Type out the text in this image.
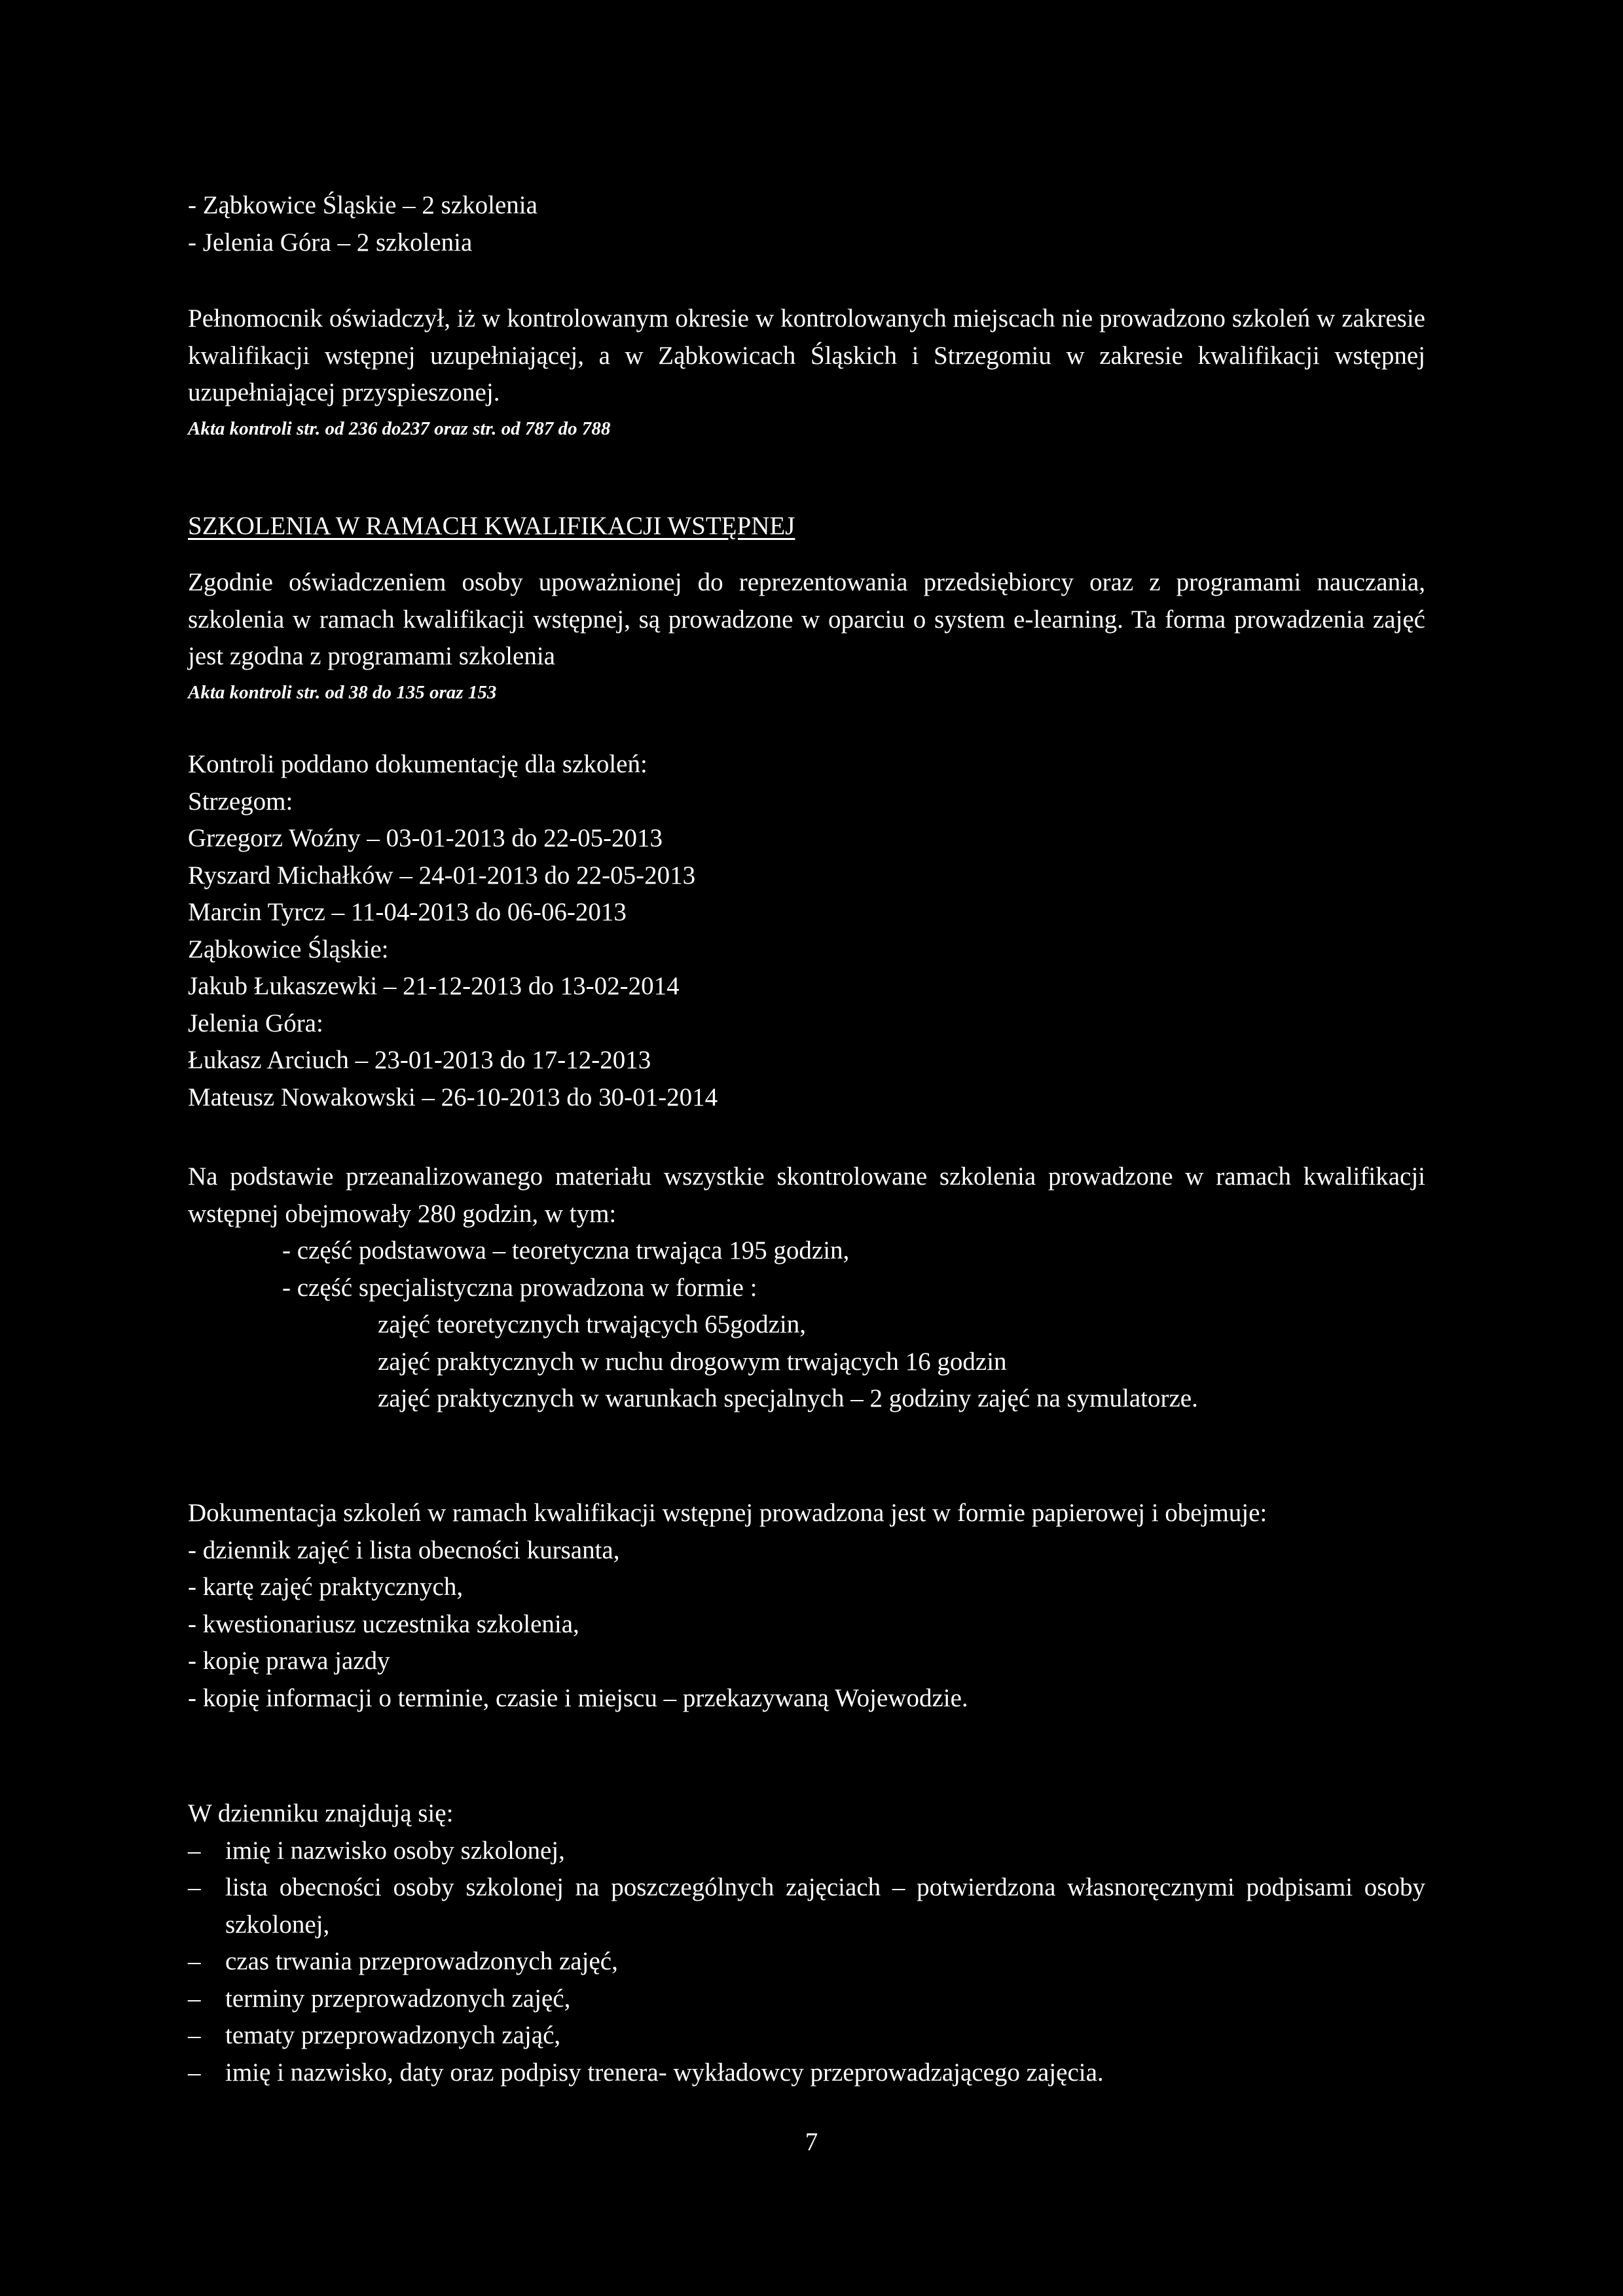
- Ząbkowice Śląskie – 2 szkolenia

- Jelenia Góra – 2 szkolenia

Pełnomocnik oświadczył, iż w kontrolowanym okresie w kontrolowanych miejscach nie prowadzono szkoleń w zakresie kwalifikacji wstępnej uzupełniającej, a w Ząbkowicach Śląskich i Strzegomiu w zakresie kwalifikacji wstępnej uzupełniającej przyspieszonej.

Akta kontroli str. od 236 do237 oraz str. od 787 do 788

SZKOLENIA W RAMACH KWALIFIKACJI WSTĘPNEJ

Zgodnie oświadczeniem osoby upoważnionej do reprezentowania przedsiębiorcy oraz z programami nauczania, szkolenia w ramach kwalifikacji wstępnej, są prowadzone w oparciu o system e-learning. Ta forma prowadzenia zajęć jest zgodna z programami szkolenia

Akta kontroli str. od 38 do 135 oraz 153

Kontroli poddano dokumentację dla szkoleń:

Strzegom:

Grzegorz Woźny – 03-01-2013 do 22-05-2013

Ryszard Michałków – 24-01-2013 do 22-05-2013

Marcin Tyrcz – 11-04-2013 do 06-06-2013

Ząbkowice Śląskie:

Jakub Łukaszewki – 21-12-2013 do 13-02-2014

Jelenia Góra:

Łukasz Arciuch – 23-01-2013 do 17-12-2013

Mateusz Nowakowski – 26-10-2013 do 30-01-2014

Na podstawie przeanalizowanego materiału wszystkie skontrolowane szkolenia prowadzone w ramach kwalifikacji wstępnej obejmowały 280 godzin, w tym:

- część podstawowa – teoretyczna trwająca 195 godzin,

- część specjalistyczna prowadzona w formie :

zajęć teoretycznych trwających 65godzin,

zajęć praktycznych w ruchu drogowym trwających 16 godzin

zajęć praktycznych w warunkach specjalnych – 2 godziny zajęć na symulatorze.

Dokumentacja szkoleń w ramach kwalifikacji wstępnej prowadzona jest w formie papierowej i obejmuje:

- dziennik zajęć i lista obecności kursanta,

- kartę zajęć praktycznych,

- kwestionariusz uczestnika szkolenia,

- kopię prawa jazdy

- kopię informacji o terminie, czasie i miejscu – przekazywaną Wojewodzie.

W dzienniku znajdują się:

– imię i nazwisko osoby szkolonej,
– lista obecności osoby szkolonej na poszczególnych zajęciach – potwierdzona własnoręcznymi podpisami osoby szkolonej,
– czas trwania przeprowadzonych zajęć,
– terminy przeprowadzonych zajęć,
– tematy przeprowadzonych zająć,
– imię i nazwisko, daty oraz podpisy trenera- wykładowcy przeprowadzającego zajęcia.
7
